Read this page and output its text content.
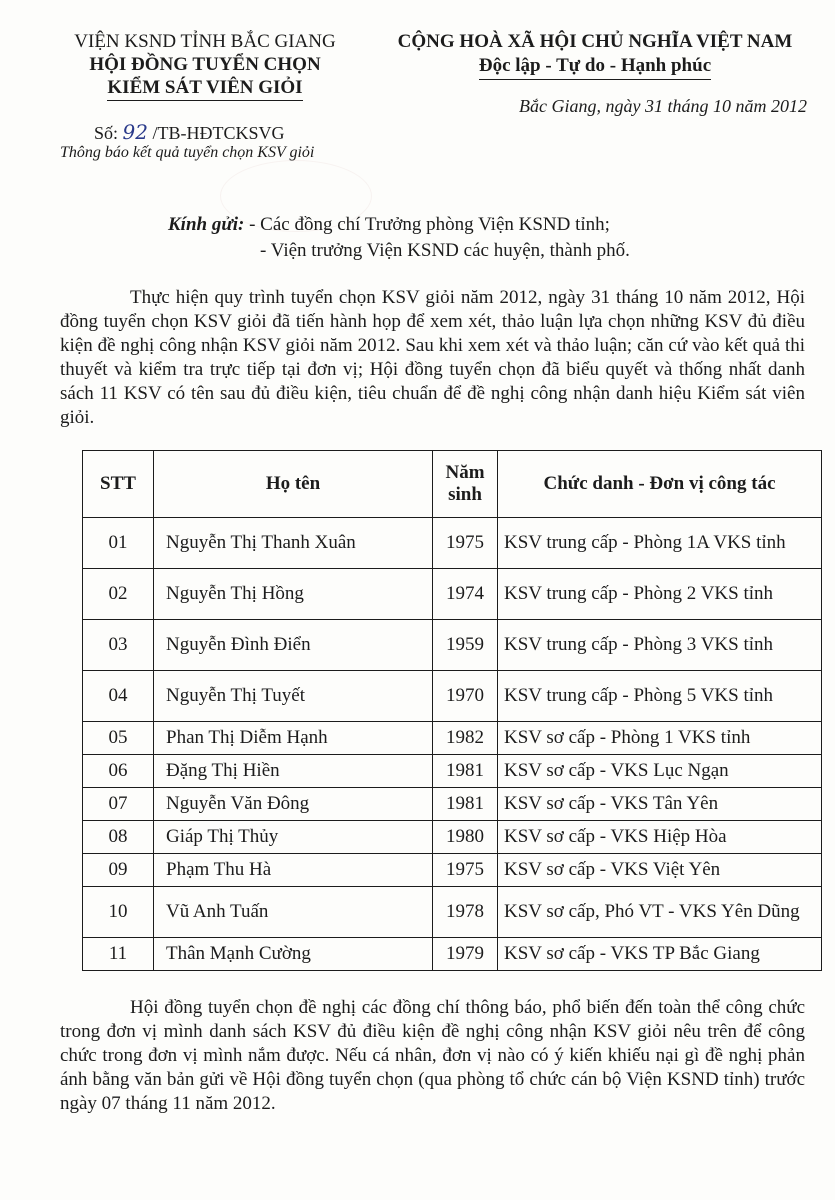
VIỆN KSND TỈNH BẮC GIANG
HỘI ĐỒNG TUYỂN CHỌN
KIỂM SÁT VIÊN GIỎI
CỘNG HOÀ XÃ HỘI CHỦ NGHĨA VIỆT NAM
Độc lập - Tự do - Hạnh phúc
Bắc Giang, ngày 31 tháng 10 năm 2012
Số: 92 /TB-HĐTCKSVG
Thông báo kết quả tuyển chọn KSV giỏi
Kính gửi: - Các đồng chí Trưởng phòng Viện KSND tỉnh;
- Viện trưởng Viện KSND các huyện, thành phố.
Thực hiện quy trình tuyển chọn KSV giỏi năm 2012, ngày 31 tháng 10 năm 2012, Hội đồng tuyển chọn KSV giỏi đã tiến hành họp để xem xét, thảo luận lựa chọn những KSV đủ điều kiện đề nghị công nhận KSV giỏi năm 2012. Sau khi xem xét và thảo luận; căn cứ vào kết quả thi thuyết và kiểm tra trực tiếp tại đơn vị; Hội đồng tuyển chọn đã biểu quyết và thống nhất danh sách 11 KSV có tên sau đủ điều kiện, tiêu chuẩn để đề nghị công nhận danh hiệu Kiểm sát viên giỏi.
STT	Họ tên	Năm sinh	Chức danh - Đơn vị công tác
01	Nguyễn Thị Thanh Xuân	1975	KSV trung cấp - Phòng 1A VKS tỉnh
02	Nguyễn Thị Hồng	1974	KSV trung cấp - Phòng 2 VKS tỉnh
03	Nguyễn Đình Điển	1959	KSV trung cấp - Phòng 3 VKS tỉnh
04	Nguyễn Thị Tuyết	1970	KSV trung cấp - Phòng 5 VKS tỉnh
05	Phan Thị Diễm Hạnh	1982	KSV sơ cấp - Phòng 1 VKS tỉnh
06	Đặng Thị Hiền	1981	KSV sơ cấp - VKS Lục Ngạn
07	Nguyễn Văn Đông	1981	KSV sơ cấp - VKS Tân Yên
08	Giáp Thị Thủy	1980	KSV sơ cấp - VKS Hiệp Hòa
09	Phạm Thu Hà	1975	KSV sơ cấp - VKS Việt Yên
10	Vũ Anh Tuấn	1978	KSV sơ cấp, Phó VT - VKS Yên Dũng
11	Thân Mạnh Cường	1979	KSV sơ cấp - VKS TP Bắc Giang
Hội đồng tuyển chọn đề nghị các đồng chí thông báo, phổ biến đến toàn thể công chức trong đơn vị mình danh sách KSV đủ điều kiện đề nghị công nhận KSV giỏi nêu trên để công chức trong đơn vị mình nắm được. Nếu cá nhân, đơn vị nào có ý kiến khiếu nại gì đề nghị phản ánh bằng văn bản gửi về Hội đồng tuyển chọn (qua phòng tổ chức cán bộ Viện KSND tỉnh) trước ngày 07 tháng 11 năm 2012.
